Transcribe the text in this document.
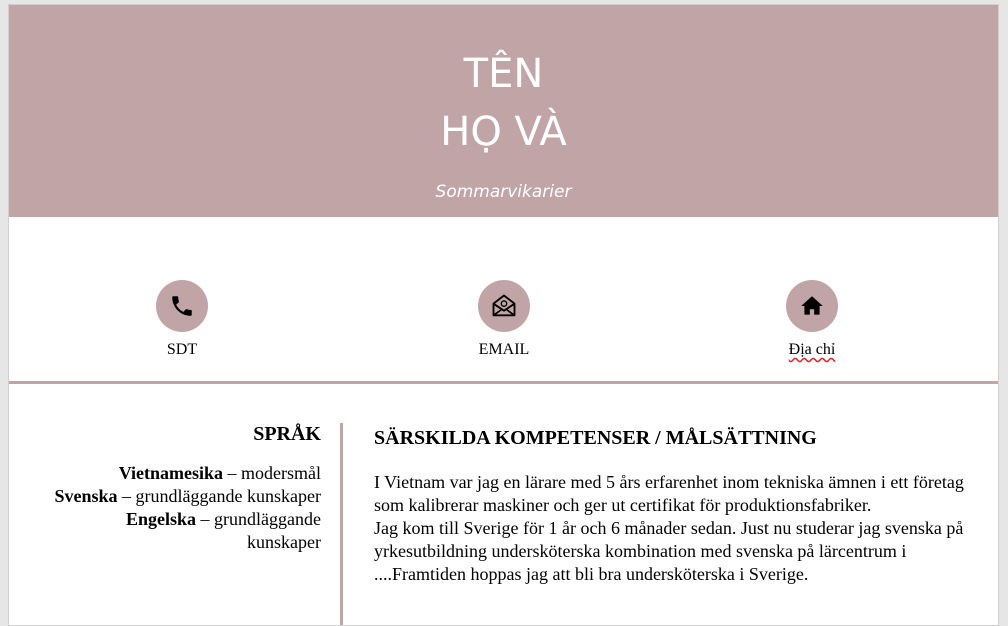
TÊN
HỌ VÀ
Sommarvikarier
SDT	EMAIL	Địa chỉ
SPRÅK
Vietnamesika – modersmål
Svenska – grundläggande kunskaper
Engelska – grundläggande kunskaper
SÄRSKILDA KOMPETENSER / MÅLSÄTTNING

I Vietnam var jag en lärare med 5 års erfarenhet inom tekniska ämnen i ett företag som kalibrerar maskiner och ger ut certifikat för produktionsfabriker.

Jag kom till Sverige för 1 år och 6 månader sedan. Just nu studerar jag svenska på yrkesutbildning undersköterska kombination med svenska på lärcentrum i ....Framtiden hoppas jag att bli bra undersköterska i Sverige.
